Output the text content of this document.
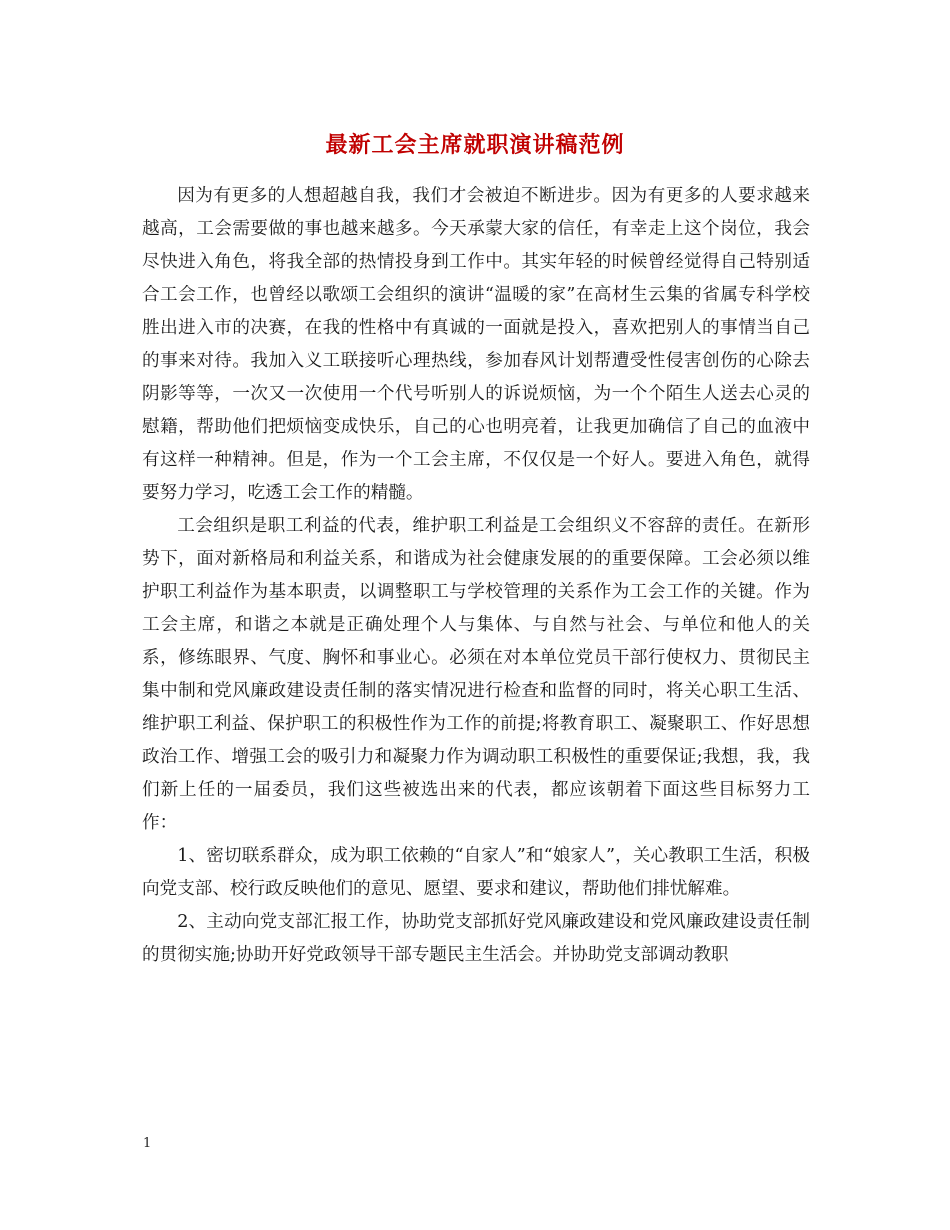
最新工会主席就职演讲稿范例

因为有更多的人想超越自我，我们才会被迫不断进步。因为有更多的人要求越来越高，工会需要做的事也越来越多。今天承蒙大家的信任，有幸走上这个岗位，我会尽快进入角色，将我全部的热情投身到工作中。其实年轻的时候曾经觉得自己特别适合工会工作，也曾经以歌颂工会组织的演讲“温暖的家”在高材生云集的省属专科学校胜出进入市的决赛，在我的性格中有真诚的一面就是投入，喜欢把别人的事情当自己的事来对待。我加入义工联接听心理热线，参加春风计划帮遭受性侵害创伤的心除去阴影等等，一次又一次使用一个代号听别人的诉说烦恼，为一个个陌生人送去心灵的慰籍，帮助他们把烦恼变成快乐，自己的心也明亮着，让我更加确信了自己的血液中有这样一种精神。但是，作为一个工会主席，不仅仅是一个好人。要进入角色，就得要努力学习，吃透工会工作的精髓。

工会组织是职工利益的代表，维护职工利益是工会组织义不容辞的责任。在新形势下，面对新格局和利益关系，和谐成为社会健康发展的的重要保障。工会必须以维护职工利益作为基本职责，以调整职工与学校管理的关系作为工会工作的关键。作为工会主席，和谐之本就是正确处理个人与集体、与自然与社会、与单位和他人的关系，修练眼界、气度、胸怀和事业心。必须在对本单位党员干部行使权力、贯彻民主集中制和党风廉政建设责任制的落实情况进行检查和监督的同时，将关心职工生活、维护职工利益、保护职工的积极性作为工作的前提;将教育职工、凝聚职工、作好思想政治工作、增强工会的吸引力和凝聚力作为调动职工积极性的重要保证;我想，我，我们新上任的一届委员，我们这些被选出来的代表，都应该朝着下面这些目标努力工作：

1、密切联系群众，成为职工依赖的“自家人”和“娘家人”，关心教职工生活，积极向党支部、校行政反映他们的意见、愿望、要求和建议，帮助他们排忧解难。

2、主动向党支部汇报工作，协助党支部抓好党风廉政建设和党风廉政建设责任制的贯彻实施;协助开好党政领导干部专题民主生活会。并协助党支部调动教职

1
